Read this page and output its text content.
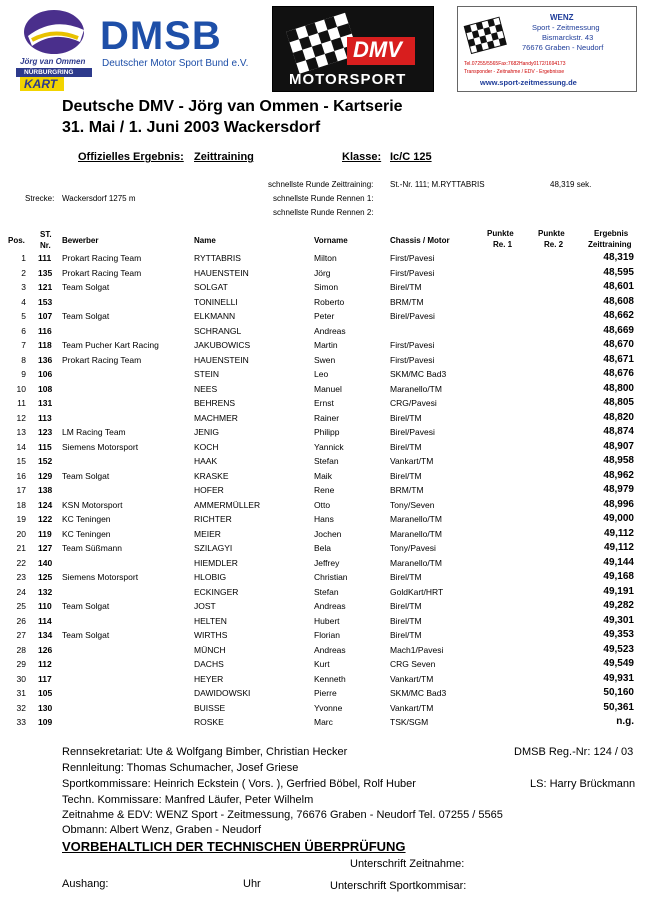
Jörg van Ommen
NÜRBURGRING
KART
DMSB
Deutscher Motor Sport Bund e.V.
DMV
MOTORSPORT
WENZ
Sport - Zeitmessung
Bismarckstr. 43
76676 Graben - Neudorf
Tel.07255/5565Fax:7682Handy0172/1694173
Transponder - Zeitnahme / EDV - Ergebnisse
www.sport-zeitmessung.de
Deutsche DMV - Jörg van Ommen - Kartserie
31. Mai / 1. Juni 2003 Wackersdorf
Offizielles Ergebnis: Zeittraining	Klasse: Ic/C 125
schnellste Runde Zeittraining: St.-Nr. 111; M.RYTTABRIS	48,319 sek.
Strecke: Wackersdorf 1275 m	schnellste Runde Rennen 1:
schnellste Runde Rennen 2:
Pos.
ST.
Nr.
Bewerber	Name	Vorname	Chassis / Motor
Punkte
Re. 1
Punkte
Re. 2
Ergebnis
Zeittraining
1 111 Prokart Racing Team	RYTTABRIS	Milton	First/Pavesi	48,319
2 135 Prokart Racing Team	HAUENSTEIN	Jörg	First/Pavesi	48,595
3 121 Team Solgat	SOLGAT	Simon	Birel/TM	48,601
4 153	TONINELLI	Roberto	BRM/TM	48,608
5 107 Team Solgat	ELKMANN	Peter	Birel/Pavesi	48,662
6 116	SCHRANGL	Andreas	48,669
7 118 Team Pucher Kart Racing	JAKUBOWICS	Martin	First/Pavesi	48,670
8 136 Prokart Racing Team	HAUENSTEIN	Swen	First/Pavesi	48,671
9 106	STEIN	Leo	SKM/MC Bad3	48,676
10 108	NEES	Manuel	Maranello/TM	48,800
11 131	BEHRENS	Ernst	CRG/Pavesi	48,805
12 113	MACHMER	Rainer	Birel/TM	48,820
13 123 LM Racing Team	JENIG	Philipp	Birel/Pavesi	48,874
14 115 Siemens Motorsport	KOCH	Yannick	Birel/TM	48,907
15 152	HAAK	Stefan	Vankart/TM	48,958
16 129 Team Solgat	KRASKE	Maik	Birel/TM	48,962
17 138	HOFER	Rene	BRM/TM	48,979
18 124 KSN Motorsport	AMMERMÜLLER	Otto	Tony/Seven	48,996
19 122 KC Teningen	RICHTER	Hans	Maranello/TM	49,000
20 119 KC Teningen	MEIER	Jochen	Maranello/TM	49,112
21 127 Team Süßmann	SZILAGYI	Bela	Tony/Pavesi	49,112
22 140	HIEMDLER	Jeffrey	Maranello/TM	49,144
23 125 Siemens Motorsport	HLOBIG	Christian	Birel/TM	49,168
24 132	ECKINGER	Stefan	GoldKart/HRT	49,191
25 110 Team Solgat	JOST	Andreas	Birel/TM	49,282
26 114	HELTEN	Hubert	Birel/TM	49,301
27 134 Team Solgat	WIRTHS	Florian	Birel/TM	49,353
28 126	MÜNCH	Andreas	Mach1/Pavesi	49,523
29 112	DACHS	Kurt	CRG Seven	49,549
30 117	HEYER	Kenneth	Vankart/TM	49,931
31 105	DAWIDOWSKI	Pierre	SKM/MC Bad3	50,160
32 130	BUISSE	Yvonne	Vankart/TM	50,361
33 109	ROSKE	Marc	TSK/SGM	n.g.
Rennsekretariat: Ute & Wolfgang Bimber, Christian Hecker	DMSB Reg.-Nr: 124 / 03
Rennleitung: Thomas Schumacher, Josef Griese
Sportkommissare: Heinrich Eckstein ( Vors. ), Gerfried Böbel, Rolf Huber	LS: Harry Brückmann
Techn. Kommissare: Manfred Läufer, Peter Wilhelm
Zeitnahme & EDV: WENZ Sport - Zeitmessung, 76676 Graben - Neudorf Tel. 07255 / 5565
Obmann: Albert Wenz, Graben - Neudorf
VORBEHALTLICH DER TECHNISCHEN ÜBERPRÜFUNG
Unterschrift Zeitnahme:
Aushang:	Uhr	Unterschrift Sportkommisar:
